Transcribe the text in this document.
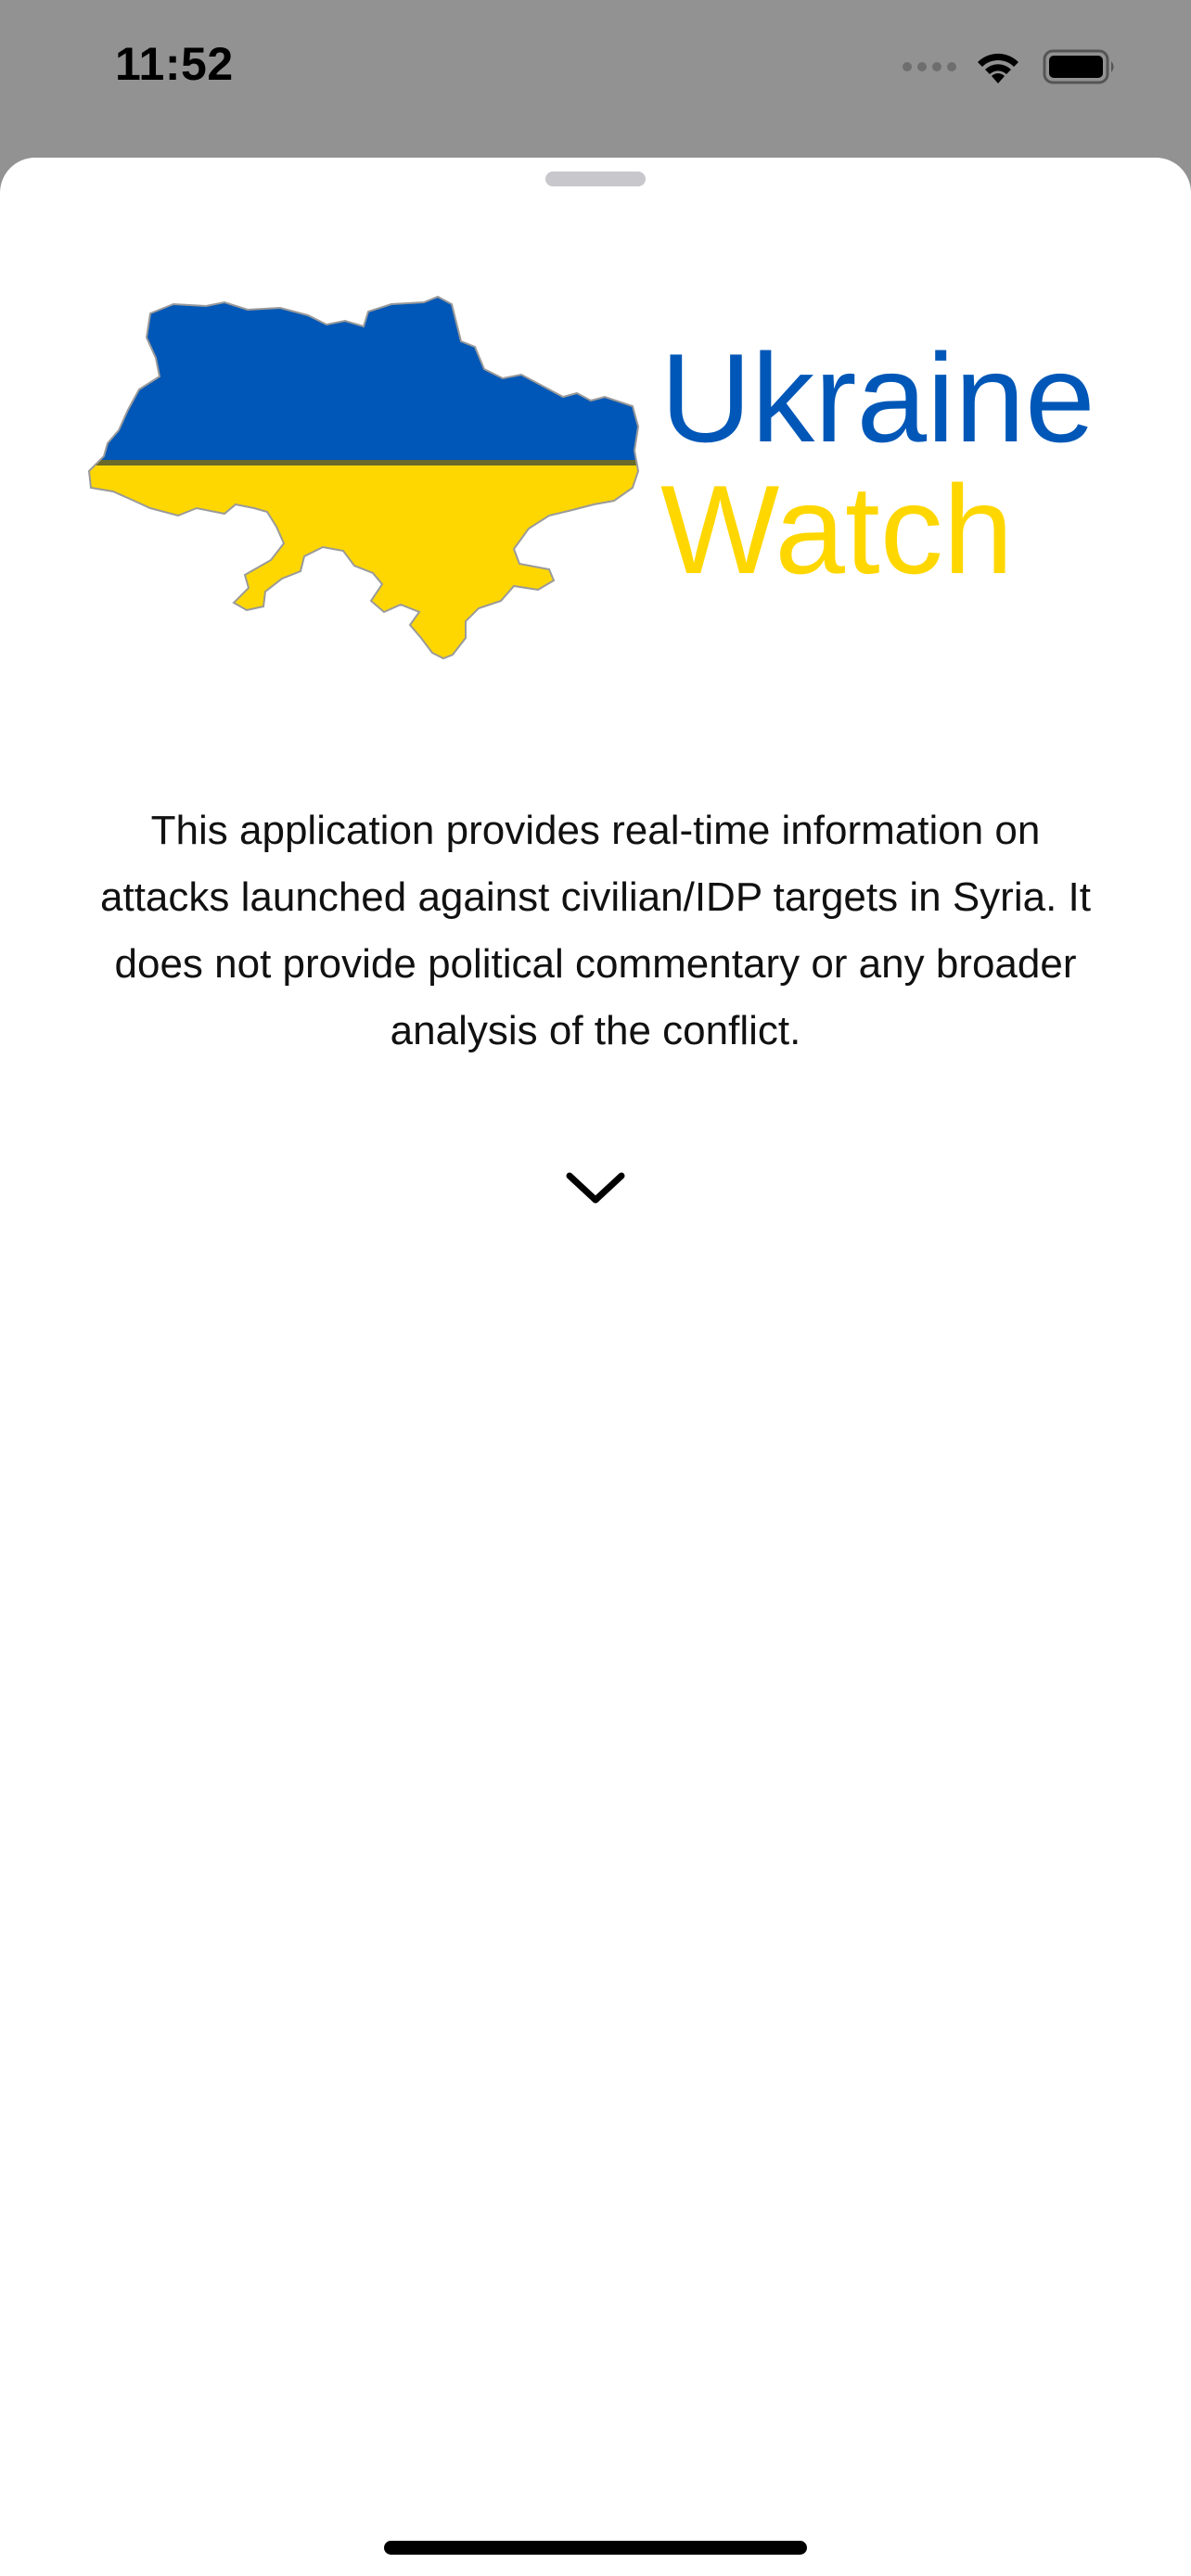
11:52
Ukraine
Watch

This application provides real-time information on attacks launched against civilian/IDP targets in Syria. It does not provide political commentary or any broader analysis of the conflict.
